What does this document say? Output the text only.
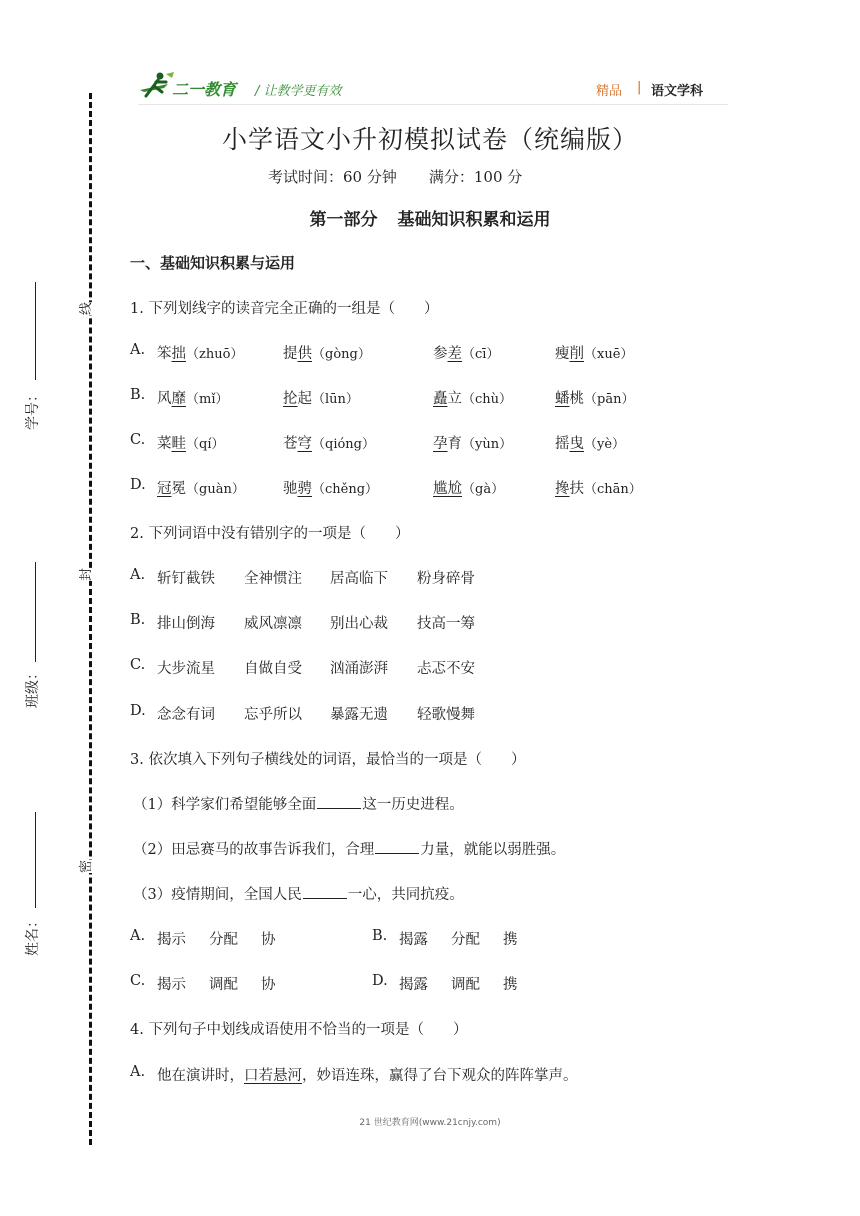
二一教育 / 让教学更有效	精品 | 语文学科
线
封
密
学号：
班级：
姓名：
小学语文小升初模拟试卷（统编版）
考试时间：60 分钟 满分：100 分
第一部分 基础知识积累和运用
一、基础知识积累与运用
1. 下列划线字的读音完全正确的一组是（　　）
A. 笨拙（zhuō）	提供（gòng）	参差（cī）	瘦削（xuē）
B. 风靡（mǐ）	抡起（lūn）	矗立（chù）	蟠桃（pān）
C. 菜畦（qí）	苍穹（qióng）	孕育（yùn）	摇曳（yè）
D. 冠冕（guàn）	驰骋（chěng）	尴尬（gà）	搀扶（chān）
2. 下列词语中没有错别字的一项是（　　）
A. 斩钉截铁 全神惯注 居高临下 粉身碎骨
B. 排山倒海 威风凛凛 别出心裁 技高一筹
C. 大步流星 自做自受 汹涌澎湃 忐忑不安
D. 念念有词 忘乎所以 暴露无遗 轻歌慢舞
3. 依次填入下列句子横线处的词语，最恰当的一项是（　　）
（1）科学家们希望能够全面	这一历史进程。
（2）田忌赛马的故事告诉我们，合理	力量，就能以弱胜强。
（3）疫情期间，全国人民	一心，共同抗疫。
A. 揭示 分配 协	B. 揭露 分配 携
C. 揭示 调配 协	D. 揭露 调配 携
4. 下列句子中划线成语使用不恰当的一项是（　　）
A. 他在演讲时，口若悬河，妙语连珠，赢得了台下观众的阵阵掌声。
21 世纪教育网(www.21cnjy.com)
